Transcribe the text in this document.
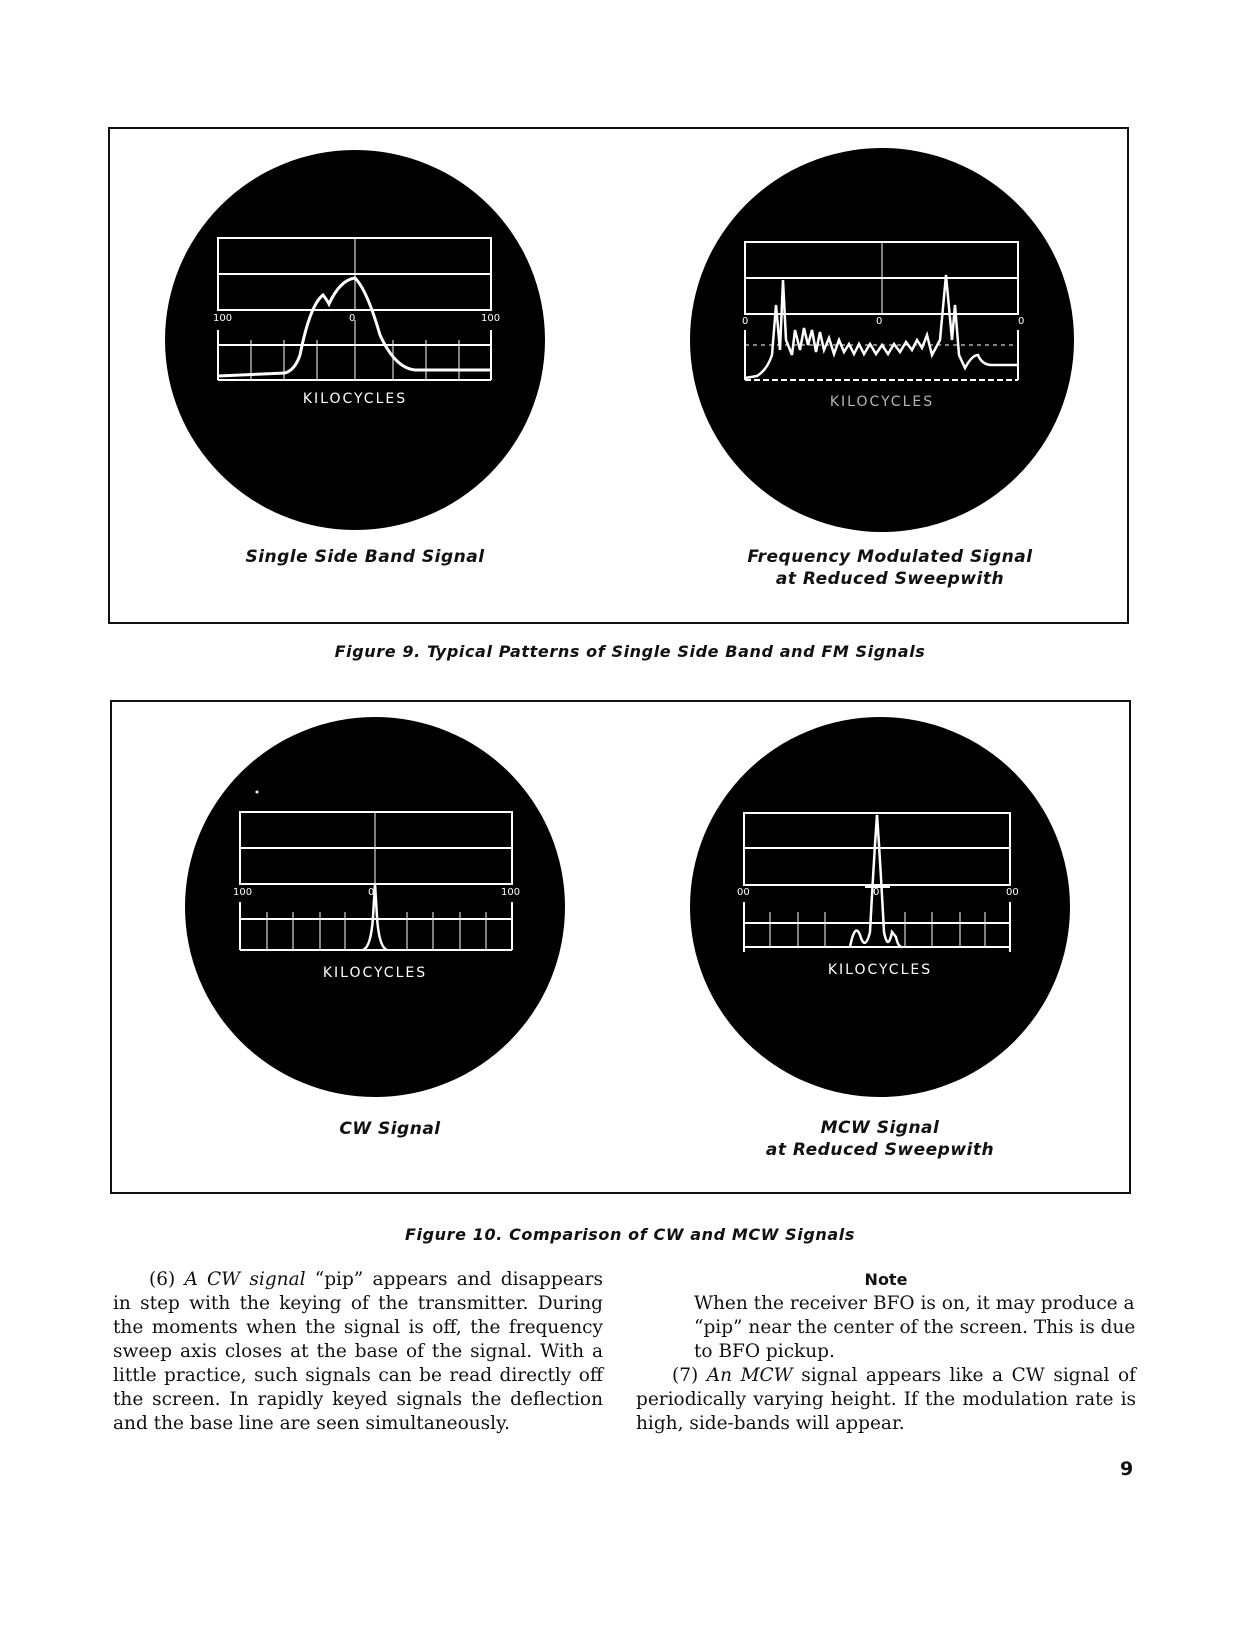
100	0	100
KILOCYCLES
0	0	0
KILOCYCLES
Single Side Band Signal	Frequency Modulated Signal
at Reduced Sweepwith
Figure 9. Typical Patterns of Single Side Band and FM Signals
100	0	100
KILOCYCLES
00	0	00
KILOCYCLES
CW Signal	MCW Signal
at Reduced Sweepwith
Figure 10. Comparison of CW and MCW Signals

(6) A CW signal “pip” appears and disappears in step with the keying of the transmitter. During the moments when the signal is off, the frequency sweep axis closes at the base of the signal. With a little practice, such signals can be read directly off the screen. In rapidly keyed signals the deflection and the base line are seen simultaneously.

Note

When the receiver BFO is on, it may produce a “pip” near the center of the screen. This is due to BFO pickup.

(7) An MCW signal appears like a CW signal of periodically varying height. If the modulation rate is high, side-bands will appear.

9
